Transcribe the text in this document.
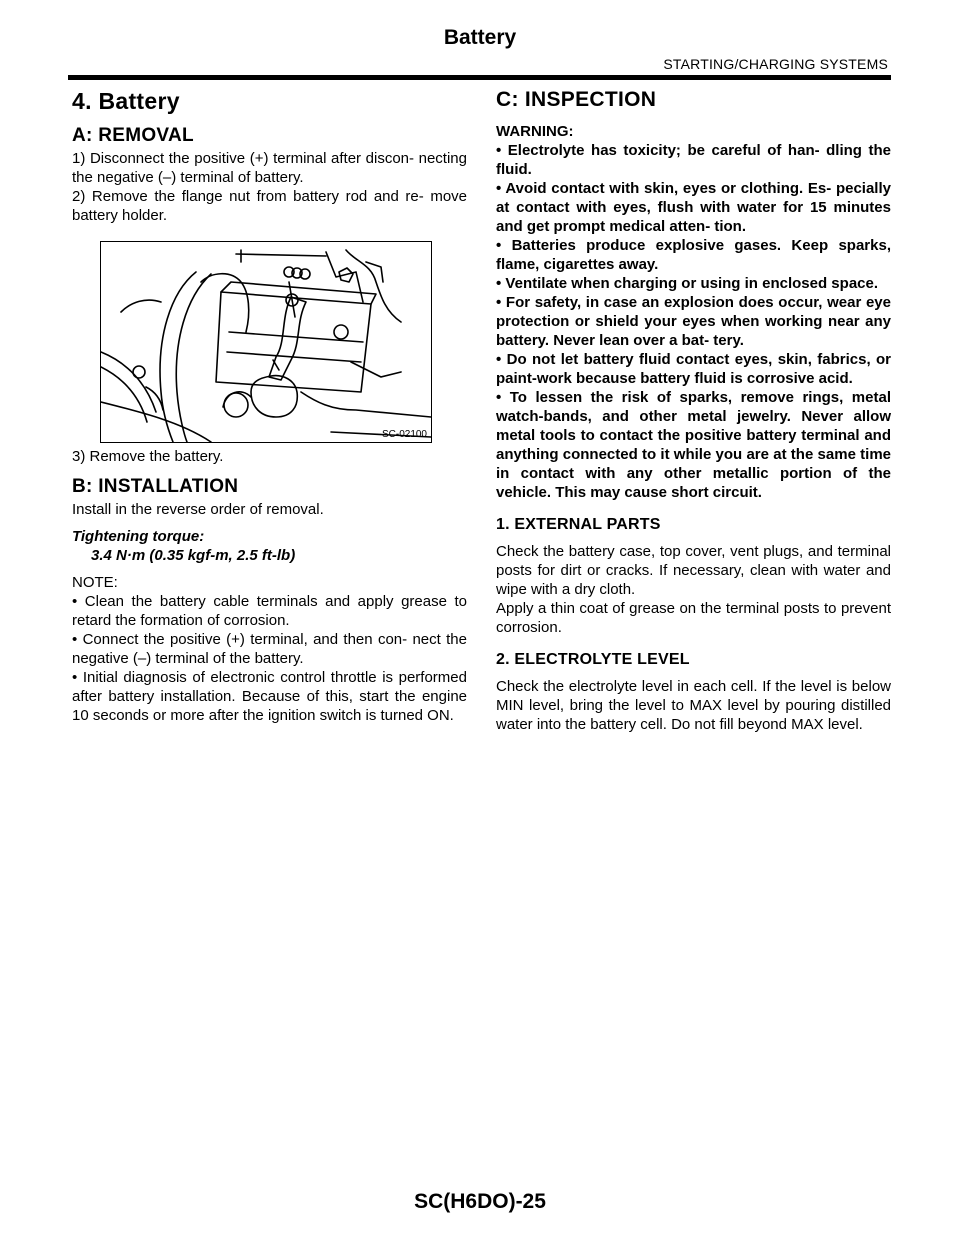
Battery
STARTING/CHARGING SYSTEMS
4. Battery
A: REMOVAL

1) Disconnect the positive (+) terminal after discon- necting the negative (–) terminal of battery.

2) Remove the flange nut from battery rod and re- move battery holder.

SC-02100

3) Remove the battery.

B: INSTALLATION

Install in the reverse order of removal.

Tightening torque:
3.4 N·m (0.35 kgf-m, 2.5 ft-lb)

NOTE:

• Clean the battery cable terminals and apply grease to retard the formation of corrosion.

• Connect the positive (+) terminal, and then con- nect the negative (–) terminal of the battery.

• Initial diagnosis of electronic control throttle is performed after battery installation. Because of this, start the engine 10 seconds or more after the ignition switch is turned ON.

C: INSPECTION

WARNING:

• Electrolyte has toxicity; be careful of han- dling the fluid.

• Avoid contact with skin, eyes or clothing. Es- pecially at contact with eyes, flush with water for 15 minutes and get prompt medical atten- tion.

• Batteries produce explosive gases. Keep sparks, flame, cigarettes away.

• Ventilate when charging or using in enclosed space.

• For safety, in case an explosion does occur, wear eye protection or shield your eyes when working near any battery. Never lean over a bat- tery.

• Do not let battery fluid contact eyes, skin, fabrics, or paint-work because battery fluid is corrosive acid.

• To lessen the risk of sparks, remove rings, metal watch-bands, and other metal jewelry. Never allow metal tools to contact the positive battery terminal and anything connected to it while you are at the same time in contact with any other metallic portion of the vehicle. This may cause short circuit.

1. EXTERNAL PARTS

Check the battery case, top cover, vent plugs, and terminal posts for dirt or cracks. If necessary, clean with water and wipe with a dry cloth.

Apply a thin coat of grease on the terminal posts to prevent corrosion.

2. ELECTROLYTE LEVEL

Check the electrolyte level in each cell. If the level is below MIN level, bring the level to MAX level by pouring distilled water into the battery cell. Do not fill beyond MAX level.

SC(H6DO)-25
